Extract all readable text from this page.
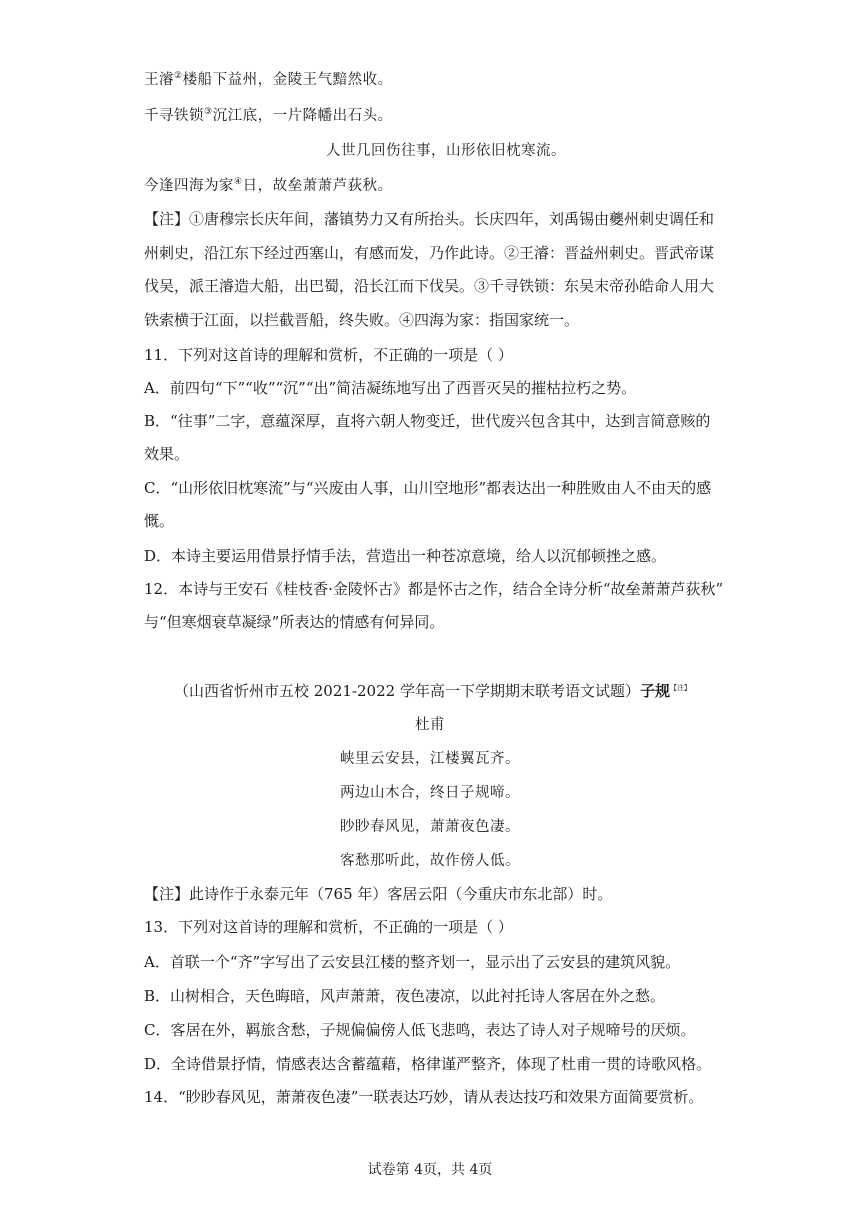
王濬②楼船下益州，金陵王气黯然收。
千寻铁锁③沉江底，一片降幡出石头。
人世几回伤往事，山形依旧枕寒流。
今逢四海为家④日，故垒萧萧芦荻秋。
【注】①唐穆宗长庆年间，藩镇势力又有所抬头。长庆四年，刘禹锡由夔州刺史调任和
州刺史，沿江东下经过西塞山，有感而发，乃作此诗。②王濬：晋益州刺史。晋武帝谋
伐吴，派王濬造大船，出巴蜀，沿长江而下伐吴。③千寻铁锁：东吴末帝孙皓命人用大
铁索横于江面，以拦截晋船，终失败。④四海为家：指国家统一。
11．下列对这首诗的理解和赏析，不正确的一项是（ ）
A．前四句“下”“收”“沉”“出”简洁凝练地写出了西晋灭吴的摧枯拉朽之势。
B．“往事”二字，意蕴深厚，直将六朝人物变迁，世代废兴包含其中，达到言简意赅的
效果。
C．“山形依旧枕寒流”与“兴废由人事，山川空地形”都表达出一种胜败由人不由天的感
慨。
D．本诗主要运用借景抒情手法，营造出一种苍凉意境，给人以沉郁顿挫之感。
12．本诗与王安石《桂枝香·金陵怀古》都是怀古之作，结合全诗分析“故垒萧萧芦荻秋”
与“但寒烟衰草凝绿”所表达的情感有何异同。
（山西省忻州市五校 2021-2022 学年高一下学期期末联考语文试题）子规$^{【注】}$
杜甫
峡里云安县，江楼翼瓦齐。
两边山木合，终日子规啼。
眇眇春风见，萧萧夜色凄。
客愁那听此，故作傍人低。
【注】此诗作于永泰元年（765 年）客居云阳（今重庆市东北部）时。
13．下列对这首诗的理解和赏析，不正确的一项是（ ）
A．首联一个“齐”字写出了云安县江楼的整齐划一，显示出了云安县的建筑风貌。
B．山树相合，天色晦暗，风声萧萧，夜色凄凉，以此衬托诗人客居在外之愁。
C．客居在外，羁旅含愁，子规偏偏傍人低飞悲鸣，表达了诗人对子规啼号的厌烦。
D．全诗借景抒情，情感表达含蓄蕴藉，格律谨严整齐，体现了杜甫一贯的诗歌风格。
14．“眇眇春风见，萧萧夜色凄”一联表达巧妙，请从表达技巧和效果方面简要赏析。
试卷第 4页，共 4页
